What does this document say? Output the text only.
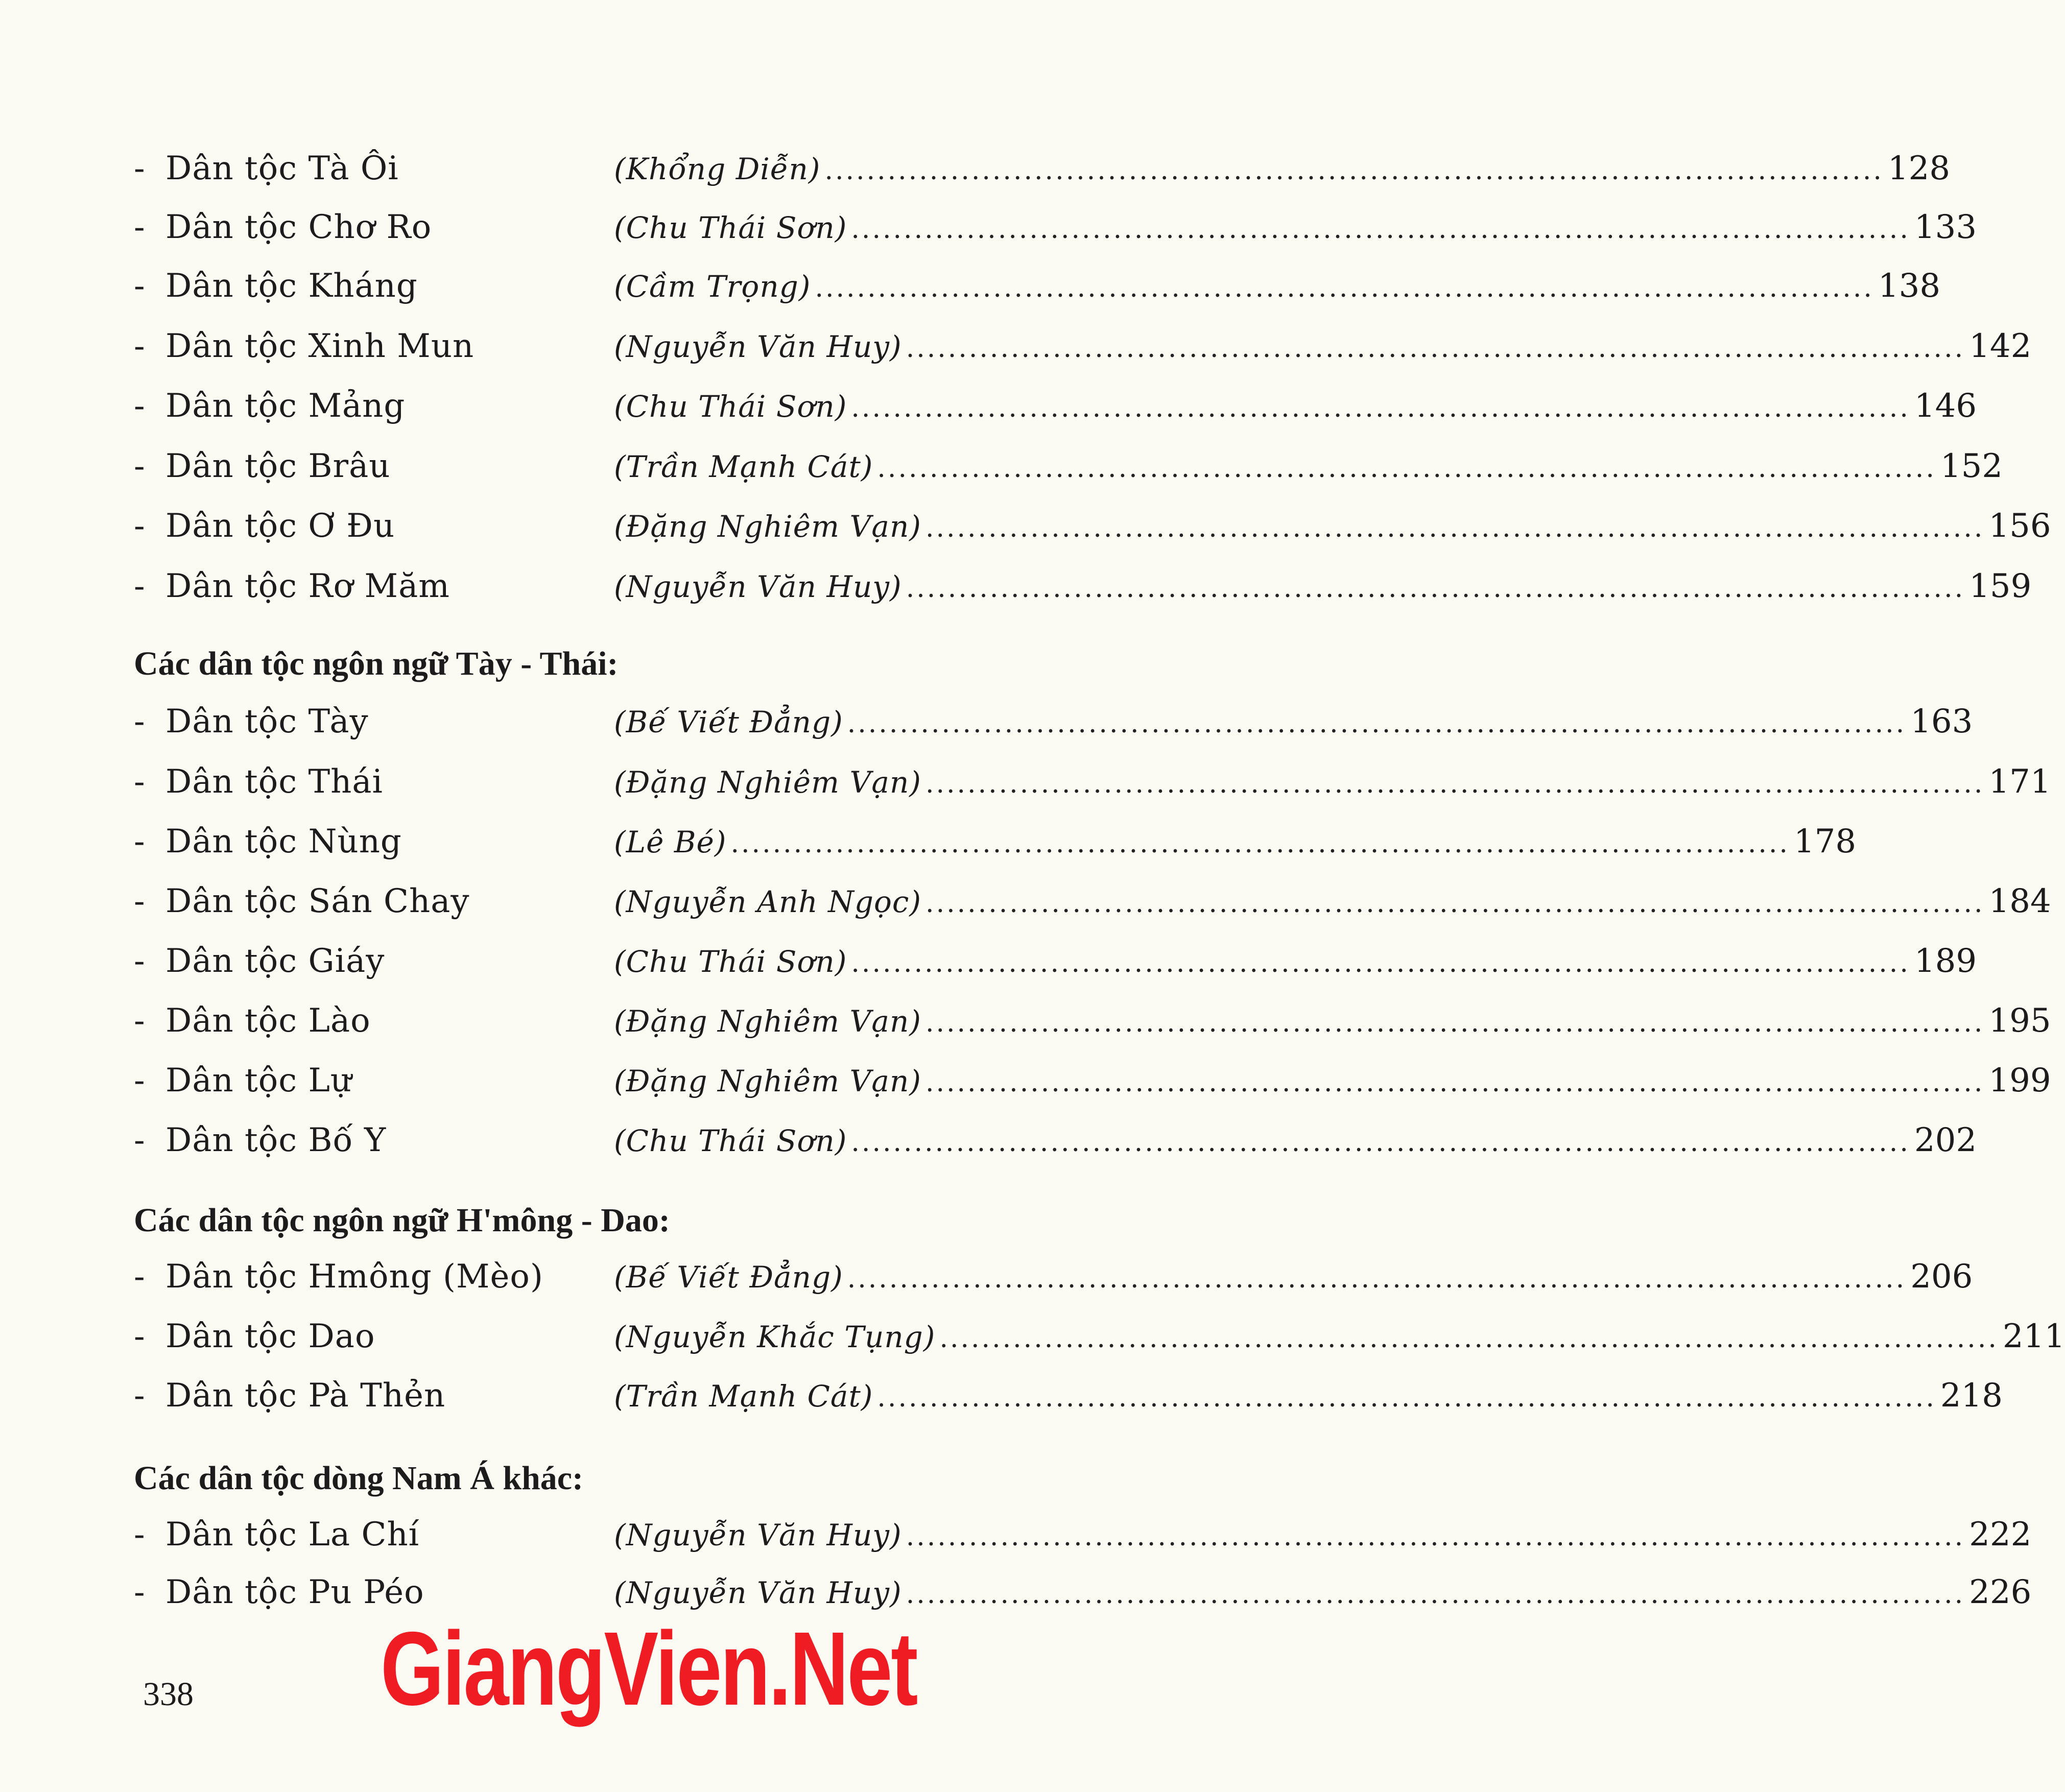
- Dân tộc Tà Ôi	(Khổng Diễn) ..................................................................................................... 128
- Dân tộc Chơ Ro	(Chu Thái Sơn) ..................................................................................................... 133
- Dân tộc Kháng	(Cầm Trọng) ..................................................................................................... 138
- Dân tộc Xinh Mun	(Nguyễn Văn Huy) ..................................................................................................... 142
- Dân tộc Mảng	(Chu Thái Sơn) ..................................................................................................... 146
- Dân tộc Brâu	(Trần Mạnh Cát) ..................................................................................................... 152
- Dân tộc Ơ Đu	(Đặng Nghiêm Vạn) ..................................................................................................... 156
- Dân tộc Rơ Măm	(Nguyễn Văn Huy) ..................................................................................................... 159
Các dân tộc ngôn ngữ Tày - Thái:
- Dân tộc Tày	(Bế Viết Đẳng) ..................................................................................................... 163
- Dân tộc Thái	(Đặng Nghiêm Vạn) ..................................................................................................... 171
- Dân tộc Nùng	(Lê Bé) ..................................................................................................... 178
- Dân tộc Sán Chay	(Nguyễn Anh Ngọc) ..................................................................................................... 184
- Dân tộc Giáy	(Chu Thái Sơn) ..................................................................................................... 189
- Dân tộc Lào	(Đặng Nghiêm Vạn) ..................................................................................................... 195
- Dân tộc Lự	(Đặng Nghiêm Vạn) ..................................................................................................... 199
- Dân tộc Bố Y	(Chu Thái Sơn) ..................................................................................................... 202
Các dân tộc ngôn ngữ H'mông - Dao:
- Dân tộc Hmông (Mèo) (Bế Viết Đẳng) ..................................................................................................... 206
- Dân tộc Dao	(Nguyễn Khắc Tụng) ..................................................................................................... 211
- Dân tộc Pà Thẻn	(Trần Mạnh Cát) ..................................................................................................... 218
Các dân tộc dòng Nam Á khác:
- Dân tộc La Chí	(Nguyễn Văn Huy) ..................................................................................................... 222
- Dân tộc Pu Péo	(Nguyễn Văn Huy) ..................................................................................................... 226
338 GiangVien.Net
